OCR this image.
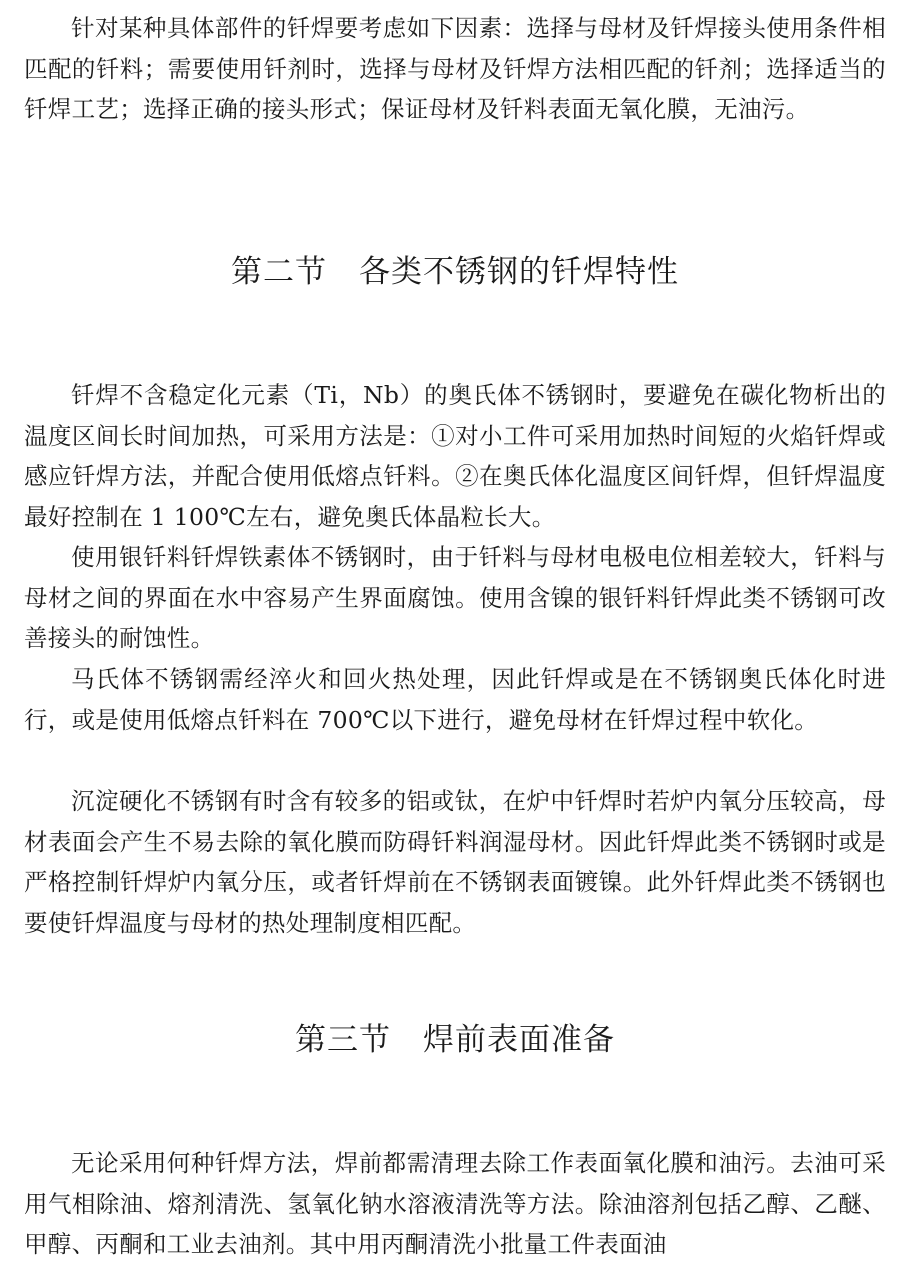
针对某种具体部件的钎焊要考虑如下因素：选择与母材及钎焊接头使用条件相匹配的钎料；需要使用钎剂时，选择与母材及钎焊方法相匹配的钎剂；选择适当的钎焊工艺；选择正确的接头形式；保证母材及钎料表面无氧化膜，无油污。

第二节　各类不锈钢的钎焊特性

钎焊不含稳定化元素（Ti，Nb）的奥氏体不锈钢时，要避免在碳化物析出的温度区间长时间加热，可采用方法是：①对小工件可采用加热时间短的火焰钎焊或感应钎焊方法，并配合使用低熔点钎料。②在奥氏体化温度区间钎焊，但钎焊温度最好控制在 1 100℃左右，避免奥氏体晶粒长大。

使用银钎料钎焊铁素体不锈钢时，由于钎料与母材电极电位相差较大，钎料与母材之间的界面在水中容易产生界面腐蚀。使用含镍的银钎料钎焊此类不锈钢可改善接头的耐蚀性。

马氏体不锈钢需经淬火和回火热处理，因此钎焊或是在不锈钢奥氏体化时进行，或是使用低熔点钎料在 700℃以下进行，避免母材在钎焊过程中软化。

沉淀硬化不锈钢有时含有较多的铝或钛，在炉中钎焊时若炉内氧分压较高，母材表面会产生不易去除的氧化膜而防碍钎料润湿母材。因此钎焊此类不锈钢时或是严格控制钎焊炉内氧分压，或者钎焊前在不锈钢表面镀镍。此外钎焊此类不锈钢也要使钎焊温度与母材的热处理制度相匹配。

第三节　焊前表面准备

无论采用何种钎焊方法，焊前都需清理去除工作表面氧化膜和油污。去油可采用气相除油、熔剂清洗、氢氧化钠水溶液清洗等方法。除油溶剂包括乙醇、乙醚、甲醇、丙酮和工业去油剂。其中用丙酮清洗小批量工件表面油
